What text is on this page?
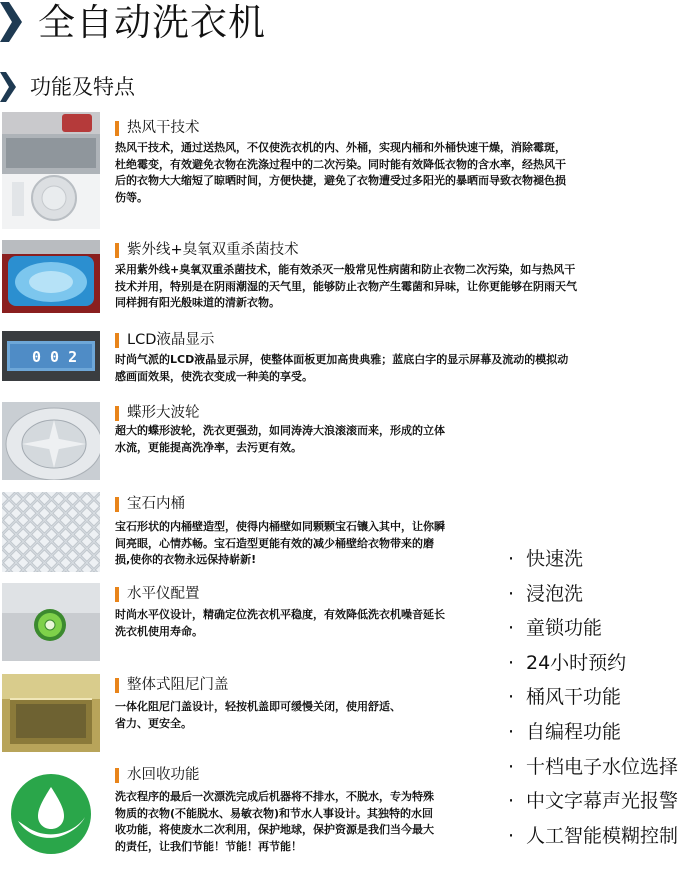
全自动洗衣机
功能及特点
热风干技术
热风干技术，通过送热风，不仅使洗衣机的内、外桶，实现内桶和外桶快速干燥，消除霉斑，杜绝霉变，有效避免衣物在洗涤过程中的二次污染。同时能有效降低衣物的含水率，经热风干后的衣物大大缩短了晾晒时间，方便快捷，避免了衣物遭受过多阳光的暴晒而导致衣物褪色损伤等。
紫外线+臭氧双重杀菌技术
采用紫外线+臭氧双重杀菌技术，能有效杀灭一般常见性病菌和防止衣物二次污染，如与热风干技术并用，特别是在阴雨潮湿的天气里，能够防止衣物产生霉菌和异味，让你更能够在阴雨天气同样拥有阳光般味道的清新衣物。
0 0 2
LCD液晶显示
时尚气派的LCD液晶显示屏，使整体面板更加高贵典雅；蓝底白字的显示屏幕及流动的模拟动感画面效果，使洗衣变成一种美的享受。
蝶形大波轮
超大的蝶形波轮，洗衣更强劲，如同涛涛大浪滚滚而来，形成的立体水流，更能提高洗净率，去污更有效。
宝石内桶
宝石形状的内桶壁造型，使得内桶壁如同颗颗宝石镶入其中，让你瞬间亮眼，心情苏畅。宝石造型更能有效的减少桶壁给衣物带来的磨损,使你的衣物永远保持崭新!
水平仪配置
时尚水平仪设计，精确定位洗衣机平稳度，有效降低洗衣机噪音延长洗衣机使用寿命。
整体式阻尼门盖
一体化阻尼门盖设计，轻按机盖即可缓慢关闭，使用舒适、省力、更安全。
水回收功能
洗衣程序的最后一次漂洗完成后机器将不排水，不脱水，专为特殊物质的衣物(不能脱水、易敏衣物)和节水人事设计。其独特的水回收功能，将使废水二次利用，保护地球，保护资源是我们当今最大的责任，让我们节能！节能！再节能！
· 快速洗
· 浸泡洗
· 童锁功能
· 24小时预约
· 桶风干功能
· 自编程功能
· 十档电子水位选择
· 中文字幕声光报警
· 人工智能模糊控制
